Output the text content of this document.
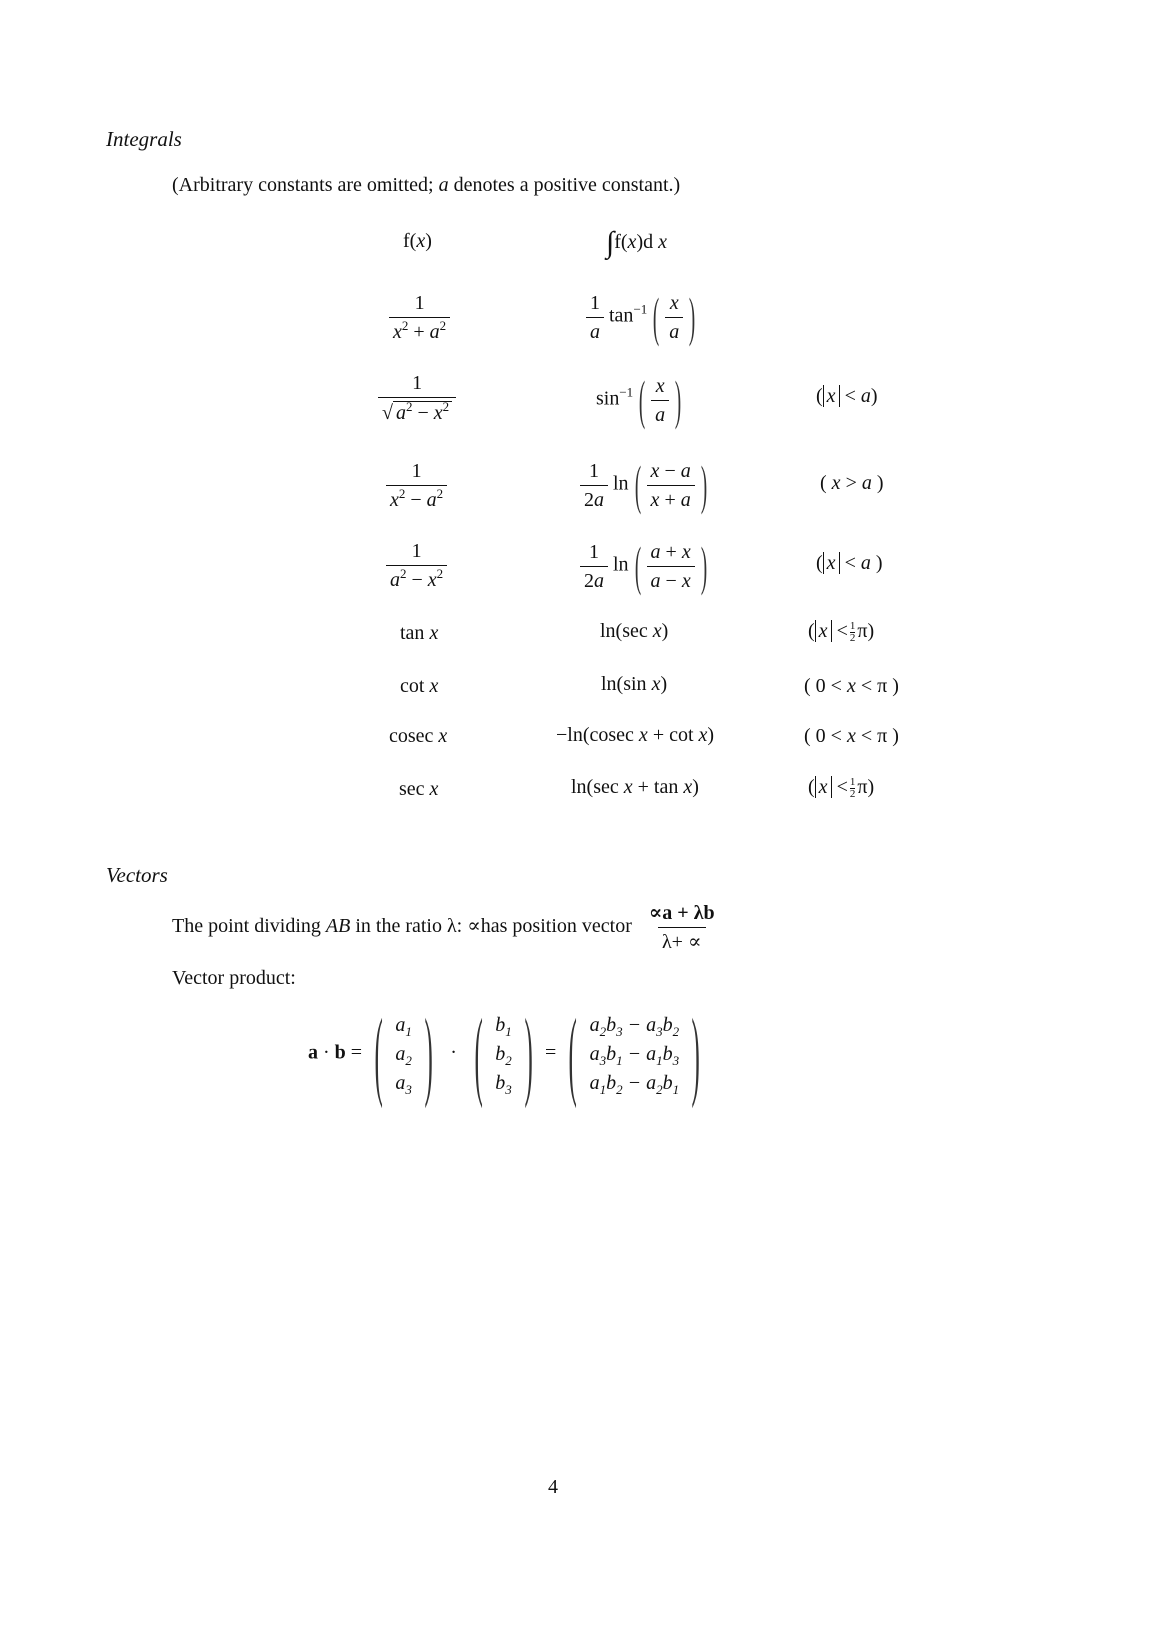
Integrals
(Arbitrary constants are omitted; a denotes a positive constant.)
f(x)	∫f(x)d x
$\frac{1}{x^2 + a^2}$	$\frac{1}{a} \tan^{-1}$ ( $\frac{x}{a}$ )
$\frac{1}{√ a^2 - x^2}$	$\sin^{-1}$ ( $\frac{x}{a}$ )	( x < a)
$\frac{1}{x^2 - a^2}$	$\frac{1}{2a}$ ln ( $\frac{x - a}{x + a}$ )	( x > a )
$\frac{1}{a^2 - x^2}$	$\frac{1}{2a}$ ln ( $\frac{a + x}{a - x}$ )	( x < a )
tan x	ln(sec x)	( $x < \frac{1}{2} \pi$)
cot x	ln(sin x)	( 0 < x < π )
cosec x	−ln(cosec x + cot x)	( 0 < x < π )
sec x	ln(sec x + tan x)	( $x < \frac{1}{2} \pi$)
Vectors
The point dividing AB in the ratio λ: ∝has position vector $\frac{\propto a + \lambda b}{\lambda+ \propto}$
Vector product:
a · b = ( $a_1$
$a_2$
$a_3$ ) · ( $b_1$
$b_2$
$b_3$ ) = ( $a_2b_3 - a_3b_2$
$a_3b_1 - a_1b_3$
$a_1b_2 - a_2b_1$ )
4
